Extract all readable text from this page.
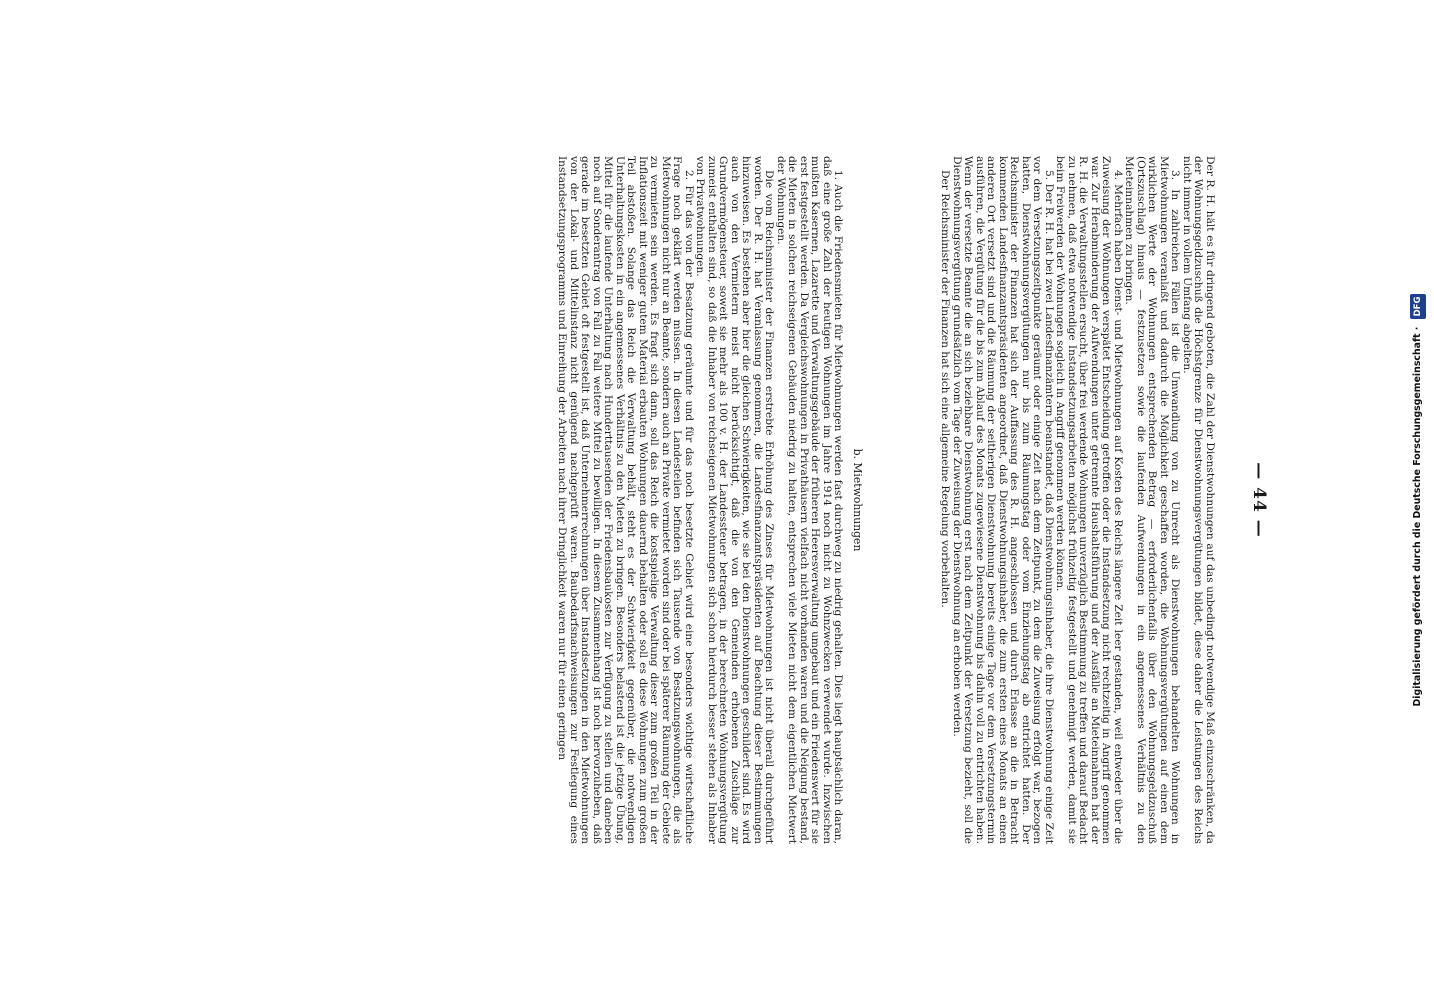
— 44 —

Der R. H. hält es für dringend geboten, die Zahl der Dienstwohnungen auf das unbedingt notwendige Maß einzuschränken, da der Wohnungsgeldzuschuß die Höchstgrenze für Dienstwohnungsvergütungen bildet, diese daher die Leistungen des Reichs nicht immer in vollem Umfang abgelten.

3. In zahlreichen Fällen ist die Umwandlung von zu Unrecht als Dienstwohnungen behandelten Wohnungen in Mietwohnungen veranlaßt und dadurch die Möglichkeit geschaffen worden, die Wohnungsvergütungen auf einen dem wirklichen Werte der Wohnungen entsprechenden Betrag — erforderlichenfalls über den Wohnungsgeldzuschuß (Ortszuschlag) hinaus — festzusetzen sowie die laufenden Aufwendungen in ein angemessenes Verhältnis zu den Mieteinnahmen zu bringen.

4. Mehrfach haben Dienst- und Mietwohnungen auf Kosten des Reichs längere Zeit leer gestanden, weil entweder über die Zuweisung der Wohnungen verspätet Entscheidung getroffen oder die Instandsetzung nicht rechtzeitig in Angriff genommen war. Zur Herabminderung der Aufwendungen unter getrennte Haushaltsführung und der Ausfälle an Mieteinnahmen hat der R. H. die Verwaltungsstellen ersucht, über frei werdende Wohnungen unverzüglich Bestimmung zu treffen und darauf Bedacht zu nehmen, daß etwa notwendige Instandsetzungsarbeiten möglichst frühzeitig festgestellt und genehmigt werden, damit sie beim Freiwerden der Wohnungen sogleich in Angriff genommen werden können.

5. Der R. H. hat bei zwei Landesfinanzämtern beanstandet, daß Dienstwohnungsinhaber, die ihre Dienstwohnung einige Zeit vor dem Versetzungszeitpunkte geräumt oder einige Zeit nach dem Zeitpunkt, zu dem die Zuweisung erfolgt war, bezogen hatten, Dienstwohnungsvergütungen nur bis zum Räumungstag oder vom Einziehungstag ab entrichtet hatten. Der Reichsminister der Finanzen hat sich der Auffassung des R. H. angeschlossen und durch Erlasse an die in Betracht kommenden Landesfinanzamtspräsidenten angeordnet, daß Dienstwohnungsinhaber, die zum ersten eines Monats an einen anderen Ort versetzt sind und die Räumung der seitherigen Dienstwohnung bereits einige Tage vor dem Versetzungstermin ausführen, die Vergütung für die bis zum Ablauf des Monats zugewiesene Dienstwohnung bis dahin voll zu entrichten haben. Wenn der versetzte Beamte die an sich beziehbare Dienstwohnung erst nach dem Zeitpunkt der Versetzung bezieht, soll die Dienstwohnungsvergütung grundsätzlich vom Tage der Zuweisung der Dienstwohnung an erhoben werden.

Der Reichsminister der Finanzen hat sich eine allgemeine Regelung vorbehalten.
b. Mietwohnungen

1. Auch die Friedensmieten für Mietwohnungen werden fast durchweg zu niedrig gehalten. Dies liegt hauptsächlich daran, daß eine große Zahl der heutigen Wohnungen im Jahre 1914 noch nicht zu Wohnzwecken verwendet wurde. Inzwischen mußten Kasernen, Lazarette und Verwaltungsgebäude der früheren Heeresverwaltung umgebaut und ein Friedenswert für sie erst festgestellt werden. Da Vergleichswohnungen in Privathäusern vielfach nicht vorhanden waren und die Neigung bestand, die Mieten in solchen reichseigenen Gebäuden niedrig zu halten, entsprechen viele Mieten nicht dem eigentlichen Mietwert der Wohnungen.

Die vom Reichsminister der Finanzen erstrebte Erhöhung des Zinses für Mietwohnungen ist nicht überall durchgeführt worden. Der R. H. hat Veranlassung genommen, die Landesfinanzamtspräsidenten auf Beachtung dieser Bestimmungen hinzuweisen. Es bestehen aber hier die gleichen Schwierigkeiten, wie sie bei den Dienstwohnungen geschildert sind. Es wird auch von den Vermietern meist nicht berücksichtigt, daß die von den Gemeinden erhobenen Zuschläge zur Grundvermögensteuer, soweit sie mehr als 100 v. H. der Landessteuer betragen, in der berechneten Wohnungsvergütung zumeist enthalten sind, so daß die Inhaber von reichseigenen Mietwohnungen sich schon hierdurch besser stehen als Inhaber von Privatwohnungen.

2. Für das von der Besatzung geräumte und für das noch besetzte Gebiet wird eine besonders wichtige wirtschaftliche Frage noch geklärt werden müssen. In diesen Landesteilen befinden sich Tausende von Besatzungswohnungen, die als Mietwohnungen nicht nur an Beamte, sondern auch an Private vermietet worden sind oder bei späterer Räumung der Gebiete zu vermieten sein werden. Es fragt sich dann, soll das Reich die kostspielige Verwaltung dieser zum großen Teil in der Inflationszeit mit weniger gutem Material erbauten Wohnungen dauernd behalten oder soll es diese Wohnungen zum großen Teil abstoßen. Solange das Reich die Verwaltung behält, steht es der Schwierigkeit gegenüber, die notwendigen Unterhaltungskosten in ein angemessenes Verhältnis zu den Mieten zu bringen. Besonders belastend ist die jetzige Übung, Mittel für die laufende Unterhaltung nach Hunderttausenden der Friedensbaukosten zur Verfügung zu stellen und daneben noch auf Sonderantrag von Fall zu Fall weitere Mittel zu bewilligen. In diesem Zusammenhang ist noch hervorzuheben, daß gerade im besetzten Gebiet oft festgestellt ist, daß Unternehmerrechnungen über Instandsetzungen in den Mietwohnungen von der Lokal- und Mittelinstanz nicht genügend nachgeprüft waren. Baubedarfsnachweisungen zur Festlegung eines Instandsetzungsprogramms und Einreihung der Arbeiten nach ihrer Dringlichkeit waren nur für einen geringen	Digitalisierung gefördert durch die Deutsche Forschungsgemeinschaft · DFG
